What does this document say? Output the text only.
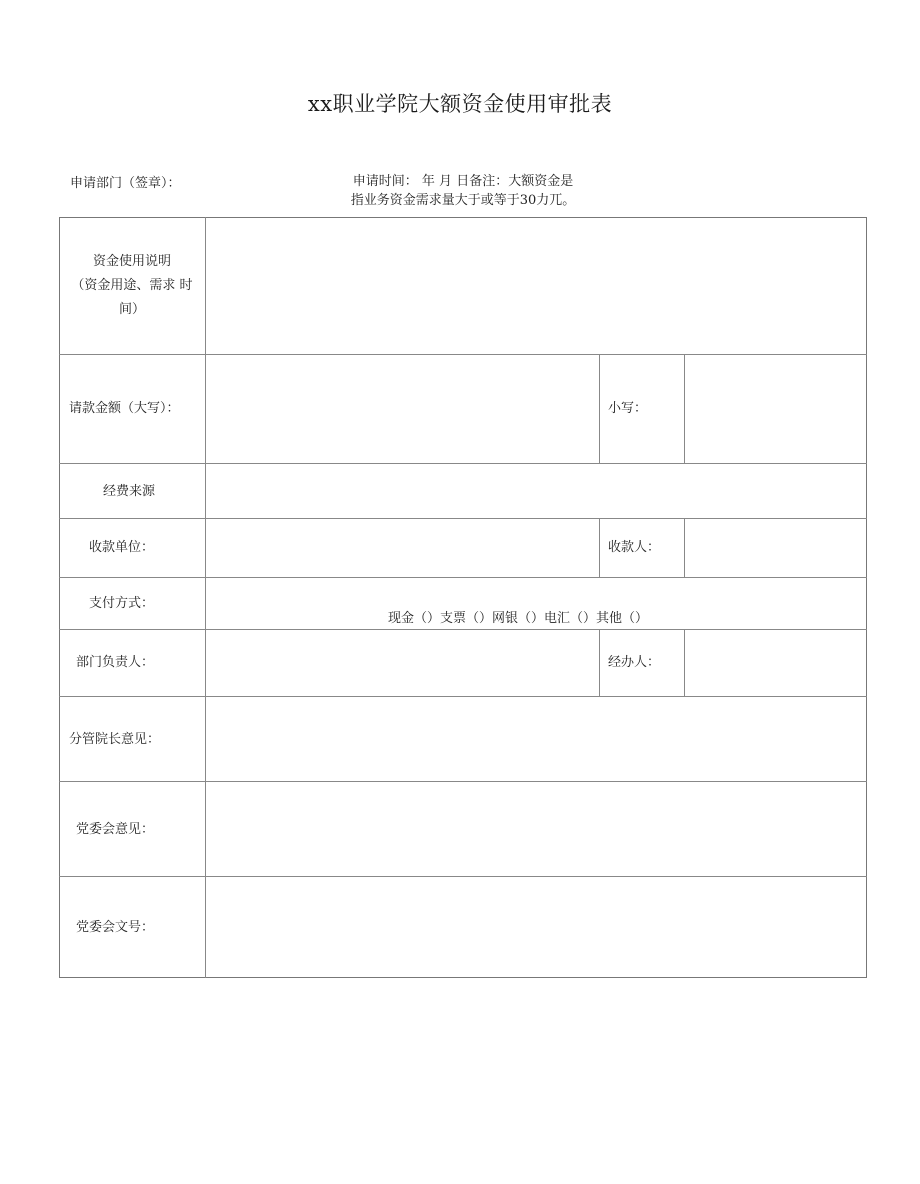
xx职业学院大额资金使用审批表
申请部门（签章）：	申请时间： 年 月 日备注：大额资金是
指业务资金需求量大于或等于30力兀。
资金使用说明
（资金用途、需求 时
间）
请款金额（大写）：	小写：
经费来源
收款单位：	收款人：
支付方式：
现金（）支票（）网银（）电汇（）其他（）
部门负责人：	经办人：
分管院长意见：
党委会意见：
党委会文号：
